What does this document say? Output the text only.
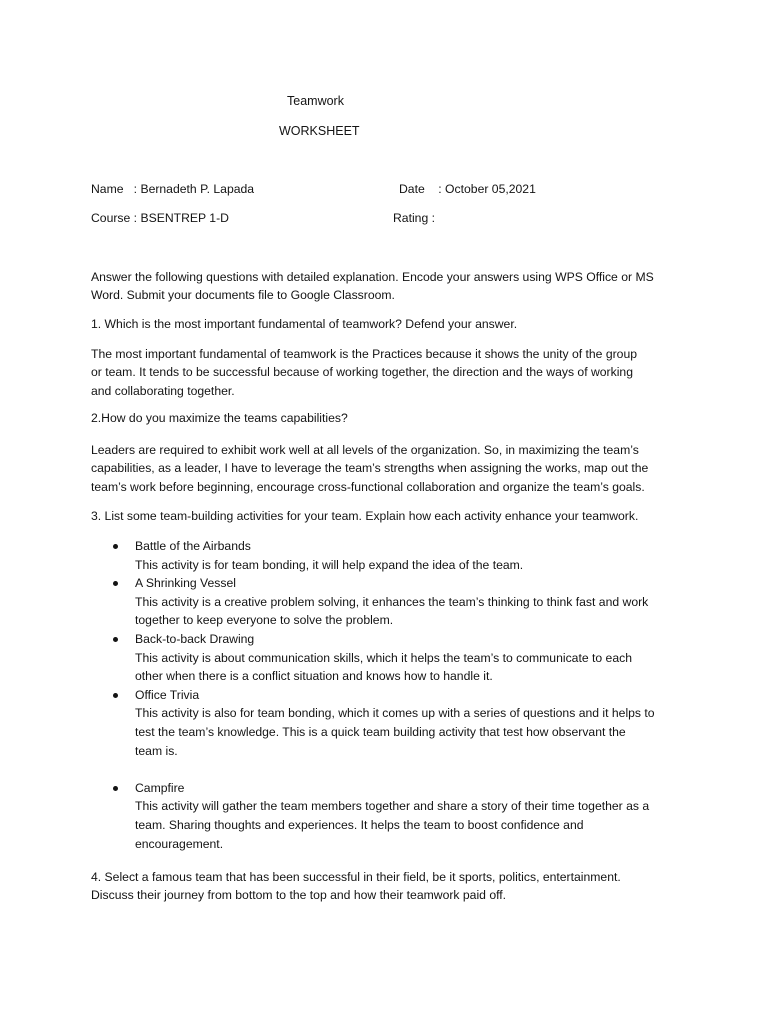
Teamwork
WORKSHEET
Name   : Bernadeth P. Lapada	Date    : October 05,2021
Course : BSENTREP 1-D	Rating :
Answer the following questions with detailed explanation. Encode your answers using WPS Office or MS
Word. Submit your documents file to Google Classroom.
1. Which is the most important fundamental of teamwork? Defend your answer.
The most important fundamental of teamwork is the Practices because it shows the unity of the group
or team. It tends to be successful because of working together, the direction and the ways of working
and collaborating together.
2.How do you maximize the teams capabilities?
Leaders are required to exhibit work well at all levels of the organization. So, in maximizing the team’s
capabilities, as a leader, I have to leverage the team’s strengths when assigning the works, map out the
team’s work before beginning, encourage cross-functional collaboration and organize the team’s goals.
3. List some team-building activities for your team. Explain how each activity enhance your teamwork.
Battle of the Airbands
This activity is for team bonding, it will help expand the idea of the team.
A Shrinking Vessel
This activity is a creative problem solving, it enhances the team’s thinking to think fast and work
together to keep everyone to solve the problem.
Back-to-back Drawing
This activity is about communication skills, which it helps the team’s to communicate to each
other when there is a conflict situation and knows how to handle it.
Office Trivia
This activity is also for team bonding, which it comes up with a series of questions and it helps to
test the team’s knowledge. This is a quick team building activity that test how observant the
team is.
Campfire
This activity will gather the team members together and share a story of their time together as a
team. Sharing thoughts and experiences. It helps the team to boost confidence and
encouragement.
4. Select a famous team that has been successful in their field, be it sports, politics, entertainment.
Discuss their journey from bottom to the top and how their teamwork paid off.
